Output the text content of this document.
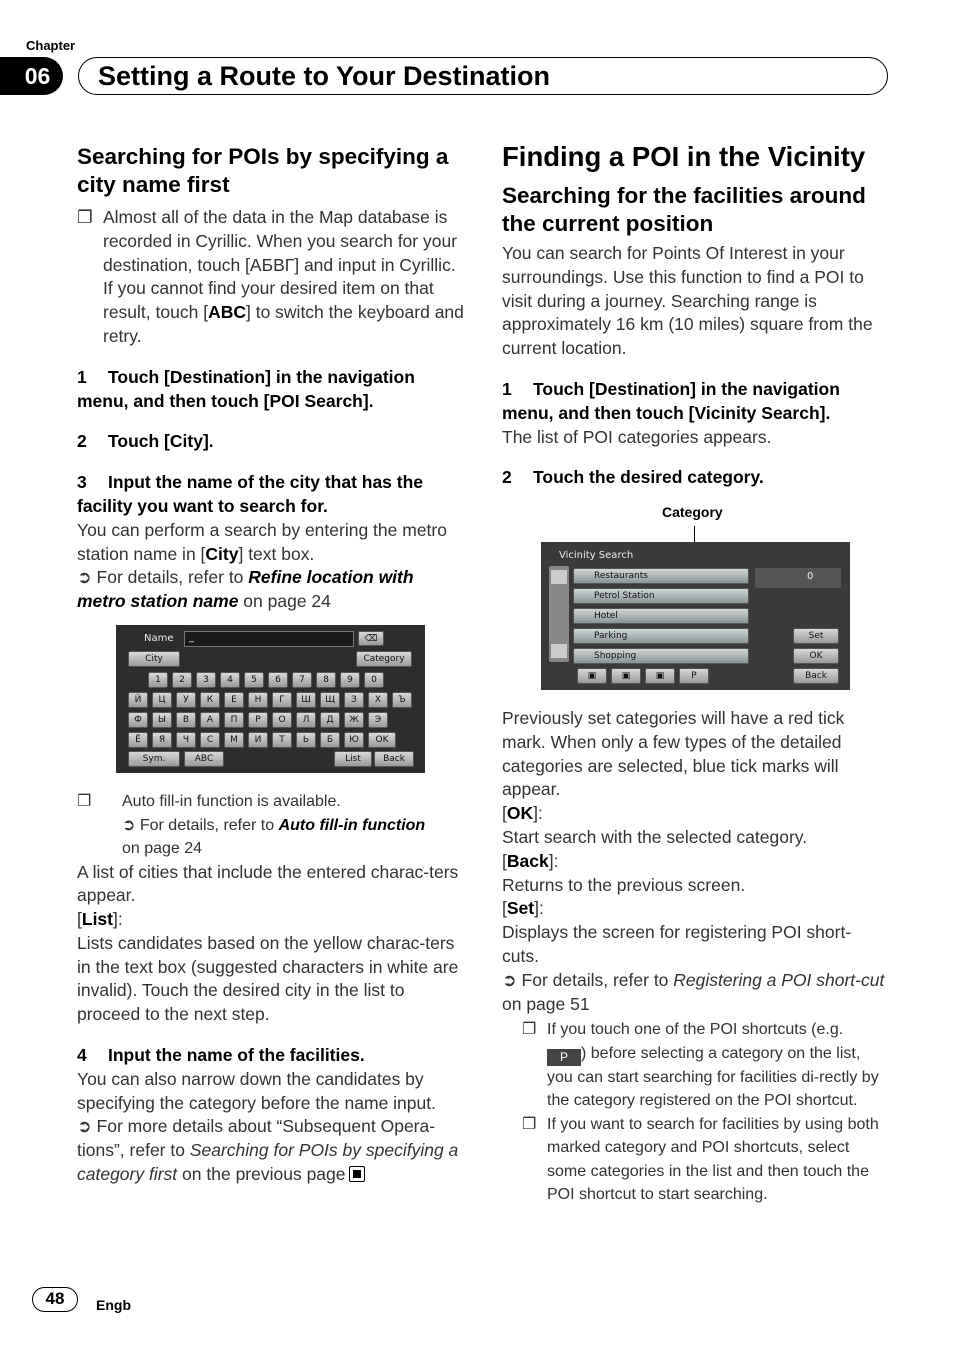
Chapter
06	Setting a Route to Your Destination
Searching for POIs by specifying a city name first
❐ Almost all of the data in the Map database is recorded in Cyrillic. When you search for your destination, touch [АБВГ] and input in Cyrillic. If you cannot find your desired item on that result, touch [ABC] to switch the keyboard and retry.
1 Touch [Destination] in the navigation menu, and then touch [POI Search].
2 Touch [City].
3 Input the name of the city that has the facility you want to search for.

You can perform a search by entering the metro station name in [City] text box.

➲ For details, refer to Refine location with metro station name on page 24

Name _	⌫
City	Category
Sym.	ABC	List	Back
1	2	3	4	5	6	7	8	9	0
Й	Ц	У	К	Е	Н	Г	Ш	Щ	З	Х	Ъ
Ф	Ы	В	А	П	Р	О	Л	Д	Ж	Э
Ё	Я	Ч	С	М	И	Т	Ь	Б	Ю	OK
❐ Auto fill-in function is available.
➲ For details, refer to Auto fill-in function
on page 24

A list of cities that include the entered charac-ters appear.

[List]:

Lists candidates based on the yellow charac-ters in the text box (suggested characters in white are invalid). Touch the desired city in the list to proceed to the next step.

4 Input the name of the facilities.

You can also narrow down the candidates by specifying the category before the name input.

➲ For more details about “Subsequent Opera-tions”, refer to Searching for POIs by specifying a category first on the previous page

Finding a POI in the Vicinity
Searching for the facilities around the current position

You can search for Points Of Interest in your surroundings. Use this function to find a POI to visit during a journey. Searching range is approximately 16 km (10 miles) square from the current location.

1 Touch [Destination] in the navigation menu, and then touch [Vicinity Search].

The list of POI categories appears.

2 Touch the desired category.
Category
Vicinity Search
0
Set
OK
Back
▣	▣	▣	P
Restaurants
Petrol Station
Hotel
Parking
Shopping

Previously set categories will have a red tick mark. When only a few types of the detailed categories are selected, blue tick marks will appear.

[OK]:

Start search with the selected category.

[Back]:

Returns to the previous screen.

[Set]:

Displays the screen for registering POI short-cuts.

➲ For details, refer to Registering a POI short-cut on page 51

❐ If you touch one of the POI shortcuts (e.g.
P ) before selecting a category on the list, you can start searching for facilities di-rectly by the category registered on the POI shortcut.
❐ If you want to search for facilities by using both marked category and POI shortcuts, select some categories in the list and then touch the POI shortcut to start searching.
48	Engb
